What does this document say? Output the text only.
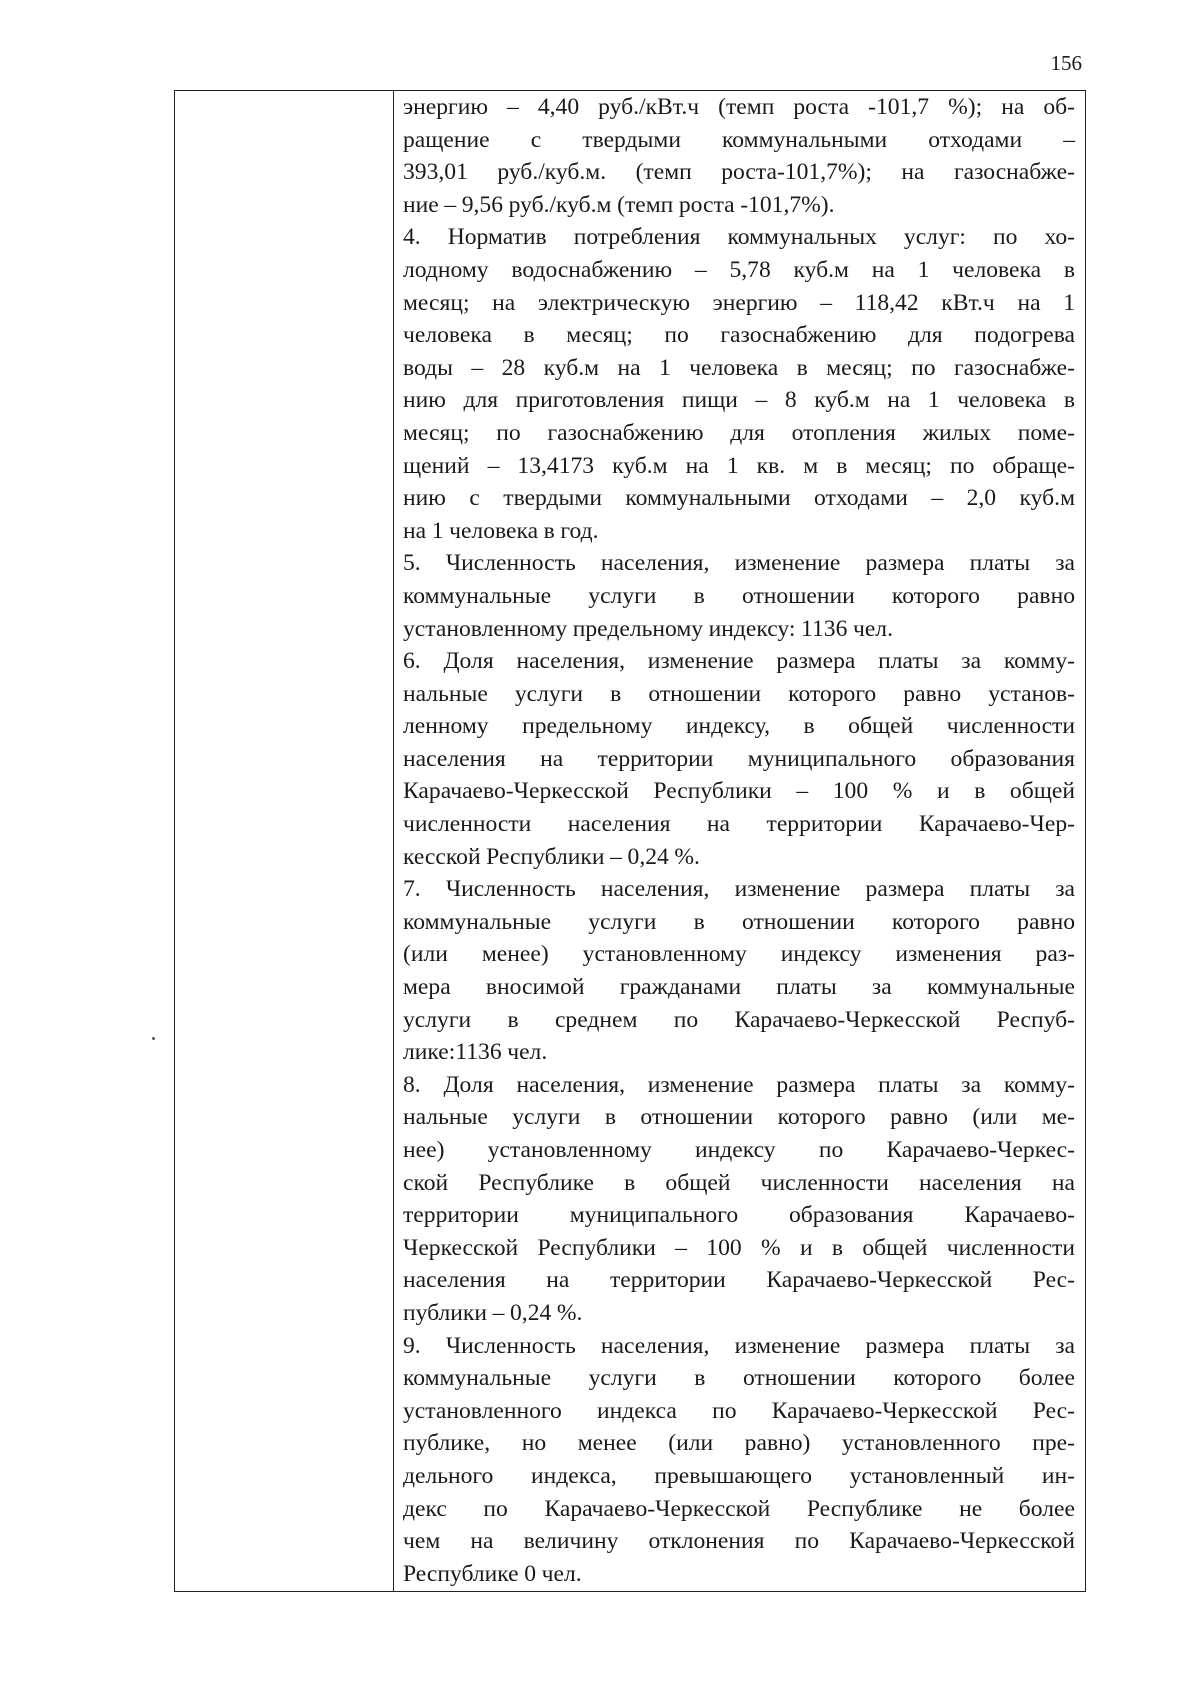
156
энергию – 4,40 руб./кВт.ч (темп роста -101,7 %); на об-
ращение с твердыми коммунальными отходами –
393,01 руб./куб.м. (темп роста-101,7%); на газоснабже-
ние – 9,56 руб./куб.м (темп роста -101,7%).
4. Норматив потребления коммунальных услуг: по хо-
лодному водоснабжению – 5,78 куб.м на 1 человека в
месяц; на электрическую энергию – 118,42 кВт.ч на 1
человека в месяц; по газоснабжению для подогрева
воды – 28 куб.м на 1 человека в месяц; по газоснабже-
нию для приготовления пищи – 8 куб.м на 1 человека в
месяц; по газоснабжению для отопления жилых поме-
щений – 13,4173 куб.м на 1 кв. м в месяц; по обраще-
нию с твердыми коммунальными отходами – 2,0 куб.м
на 1 человека в год.
5. Численность населения, изменение размера платы за
коммунальные услуги в отношении которого равно
установленному предельному индексу: 1136 чел.
6. Доля населения, изменение размера платы за комму-
нальные услуги в отношении которого равно установ-
ленному предельному индексу, в общей численности
населения на территории муниципального образования
Карачаево-Черкесской Республики – 100 % и в общей
численности населения на территории Карачаево-Чер-
кесской Республики – 0,24 %.
7. Численность населения, изменение размера платы за
коммунальные услуги в отношении которого равно
(или менее) установленному индексу изменения раз-
мера вносимой гражданами платы за коммунальные
услуги в среднем по Карачаево-Черкесской Респуб-
лике:1136 чел.
8. Доля населения, изменение размера платы за комму-
нальные услуги в отношении которого равно (или ме-
нее) установленному индексу по Карачаево-Черкес-
ской Республике в общей численности населения на
территории муниципального образования Карачаево-
Черкесской Республики – 100 % и в общей численности
населения на территории Карачаево-Черкесской Рес-
публики – 0,24 %.
9. Численность населения, изменение размера платы за
коммунальные услуги в отношении которого более
установленного индекса по Карачаево-Черкесской Рес-
публике, но менее (или равно) установленного пре-
дельного индекса, превышающего установленный ин-
декс по Карачаево-Черкесской Республике не более
чем на величину отклонения по Карачаево-Черкесской
Республике 0 чел.
